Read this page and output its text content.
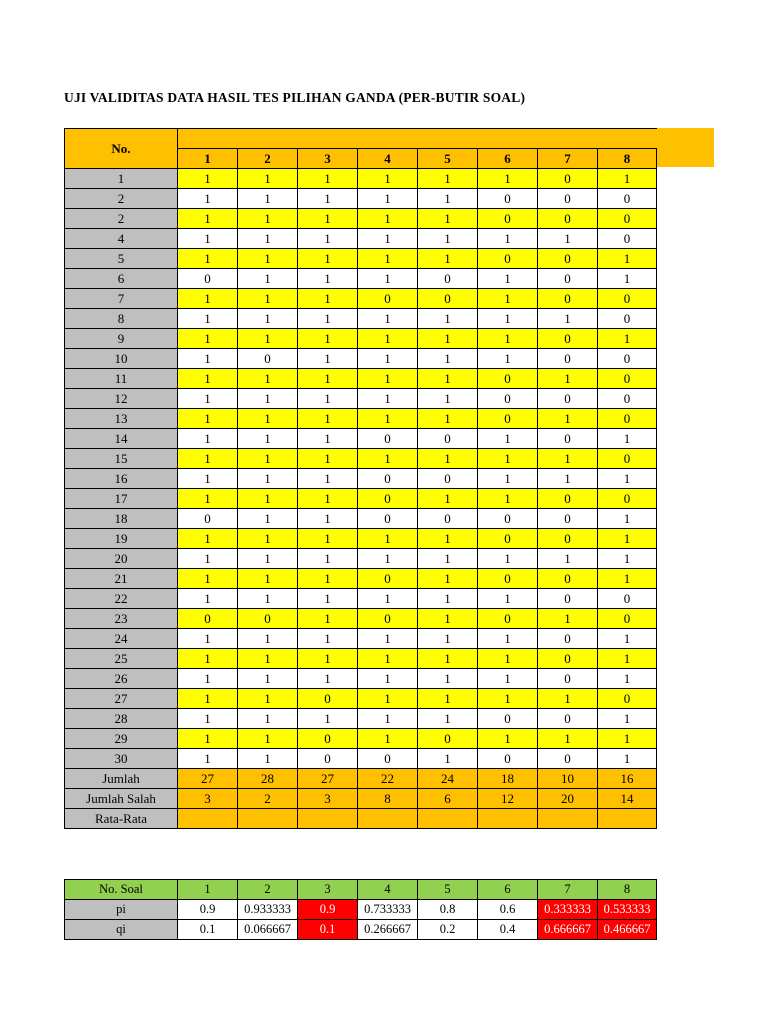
UJI VALIDITAS DATA HASIL TES PILIHAN GANDA (PER-BUTIR SOAL)
No.								
	1	2	3	4	5	6	7	8
1	1	1	1	1	1	1	0	1
2	1	1	1	1	1	0	0	0
2	1	1	1	1	1	0	0	0
4	1	1	1	1	1	1	1	0
5	1	1	1	1	1	0	0	1
6	0	1	1	1	0	1	0	1
7	1	1	1	0	0	1	0	0
8	1	1	1	1	1	1	1	0
9	1	1	1	1	1	1	0	1
10	1	0	1	1	1	1	0	0
11	1	1	1	1	1	0	1	0
12	1	1	1	1	1	0	0	0
13	1	1	1	1	1	0	1	0
14	1	1	1	0	0	1	0	1
15	1	1	1	1	1	1	1	0
16	1	1	1	0	0	1	1	1
17	1	1	1	0	1	1	0	0
18	0	1	1	0	0	0	0	1
19	1	1	1	1	1	0	0	1
20	1	1	1	1	1	1	1	1
21	1	1	1	0	1	0	0	1
22	1	1	1	1	1	1	0	0
23	0	0	1	0	1	0	1	0
24	1	1	1	1	1	1	0	1
25	1	1	1	1	1	1	0	1
26	1	1	1	1	1	1	0	1
27	1	1	0	1	1	1	1	0
28	1	1	1	1	1	0	0	1
29	1	1	0	1	0	1	1	1
30	1	1	0	0	1	0	0	1
Jumlah	27	28	27	22	24	18	10	16
Jumlah Salah	3	2	3	8	6	12	20	14
Rata-Rata								
No. Soal	1	2	3	4	5	6	7	8
pi	0.9	0.933333	0.9	0.733333	0.8	0.6	0.333333	0.533333
qi	0.1	0.066667	0.1	0.266667	0.2	0.4	0.666667	0.466667
